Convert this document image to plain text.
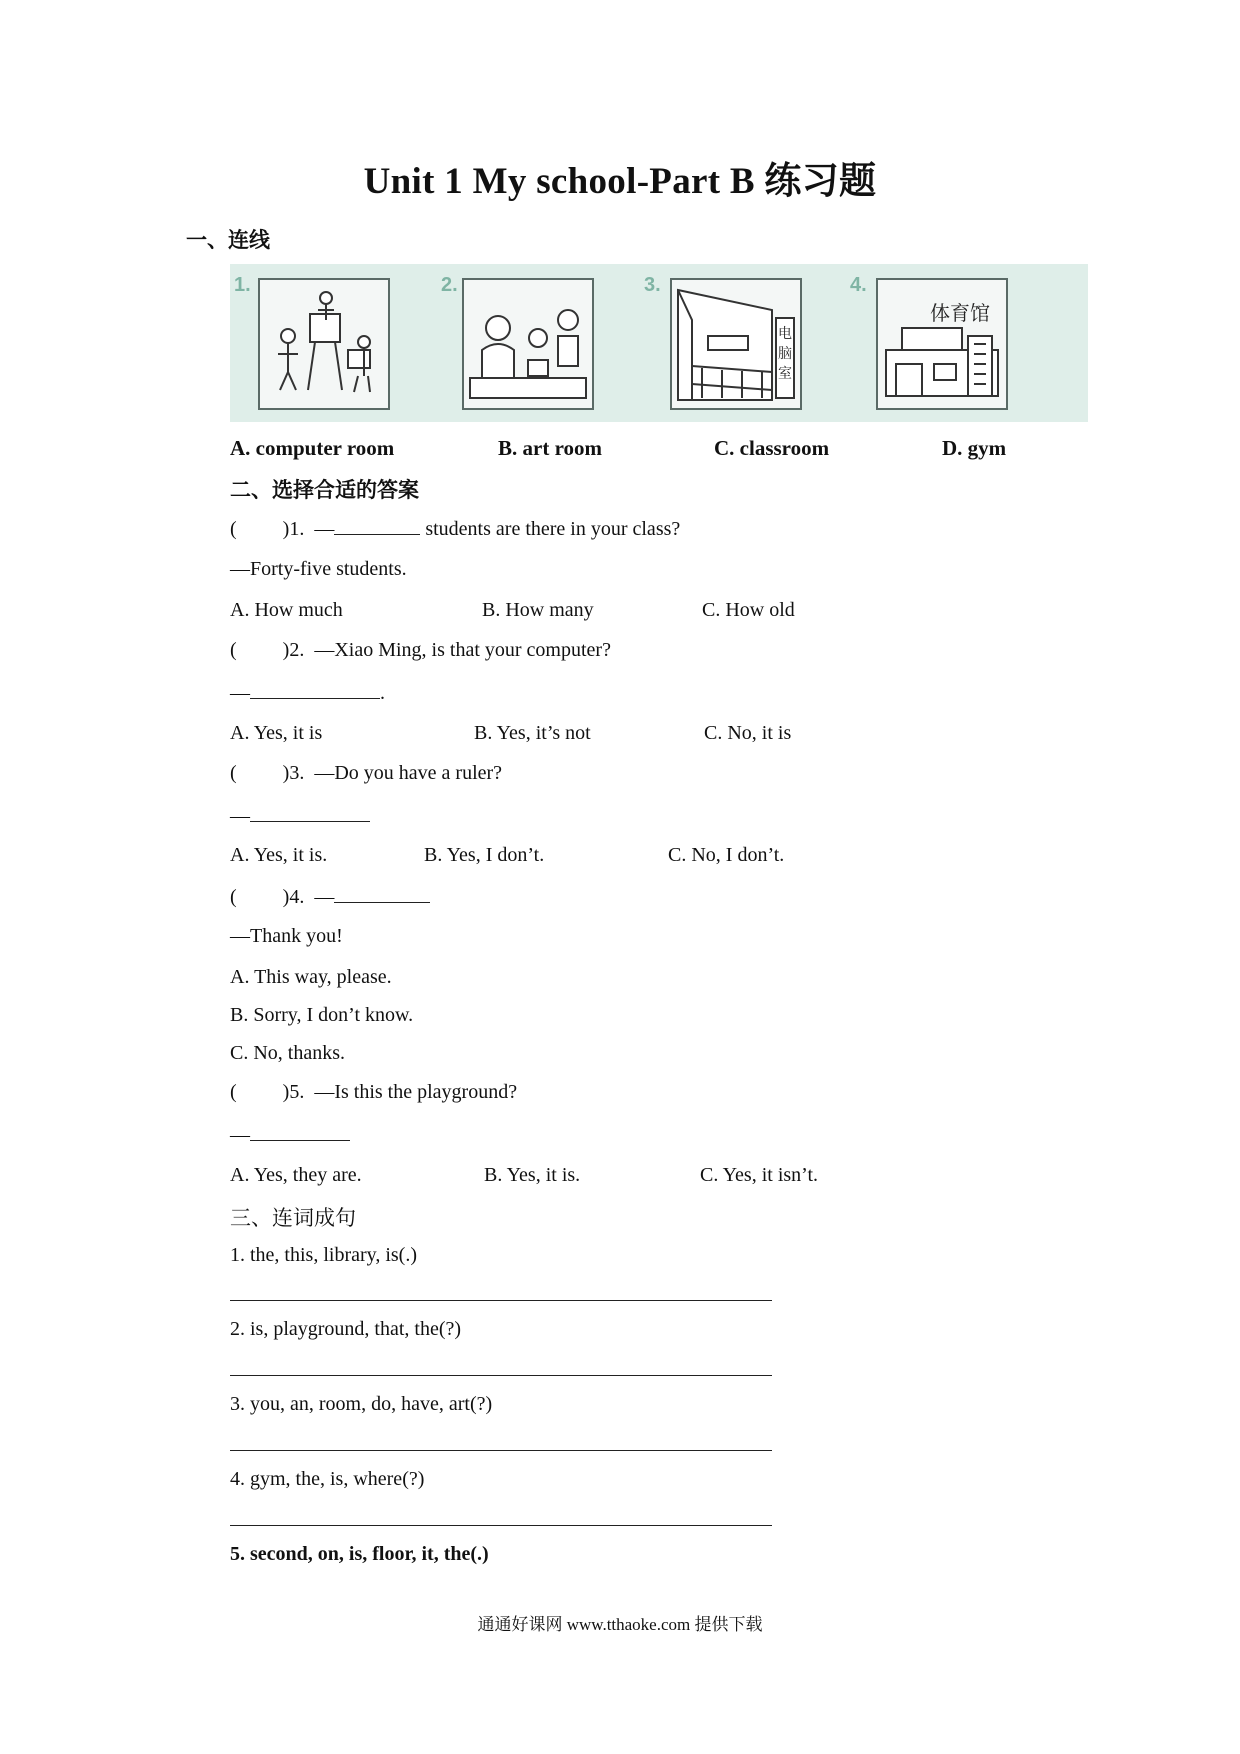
Unit 1 My school-Part B 练习题
一、连线
1.	2.	3.
电
脑
室
4.
体育馆
A. computer room	B. art room	C. classroom	D. gym
二、选择合适的答案
( )1. —	students are there in your class?
—Forty-five students.
A. How much	B. How many	C. How old
( )2. —Xiao Ming, is that your computer?
—	.
A. Yes, it is	B. Yes, it’s not	C. No, it is
( )3. —Do you have a ruler?
—
A. Yes, it is.	B. Yes, I don’t.	C. No, I don’t.
( )4. —
—Thank you!
A. This way, please.
B. Sorry, I don’t know.
C. No, thanks.
( )5. —Is this the playground?
—
A. Yes, they are.	B. Yes, it is.	C. Yes, it isn’t.
三、连词成句
1. the, this, library, is(.)
2. is, playground, that, the(?)
3. you, an, room, do, have, art(?)
4. gym, the, is, where(?)
5. second, on, is, floor, it, the(.)
通通好课网 www.tthaoke.com 提供下载
